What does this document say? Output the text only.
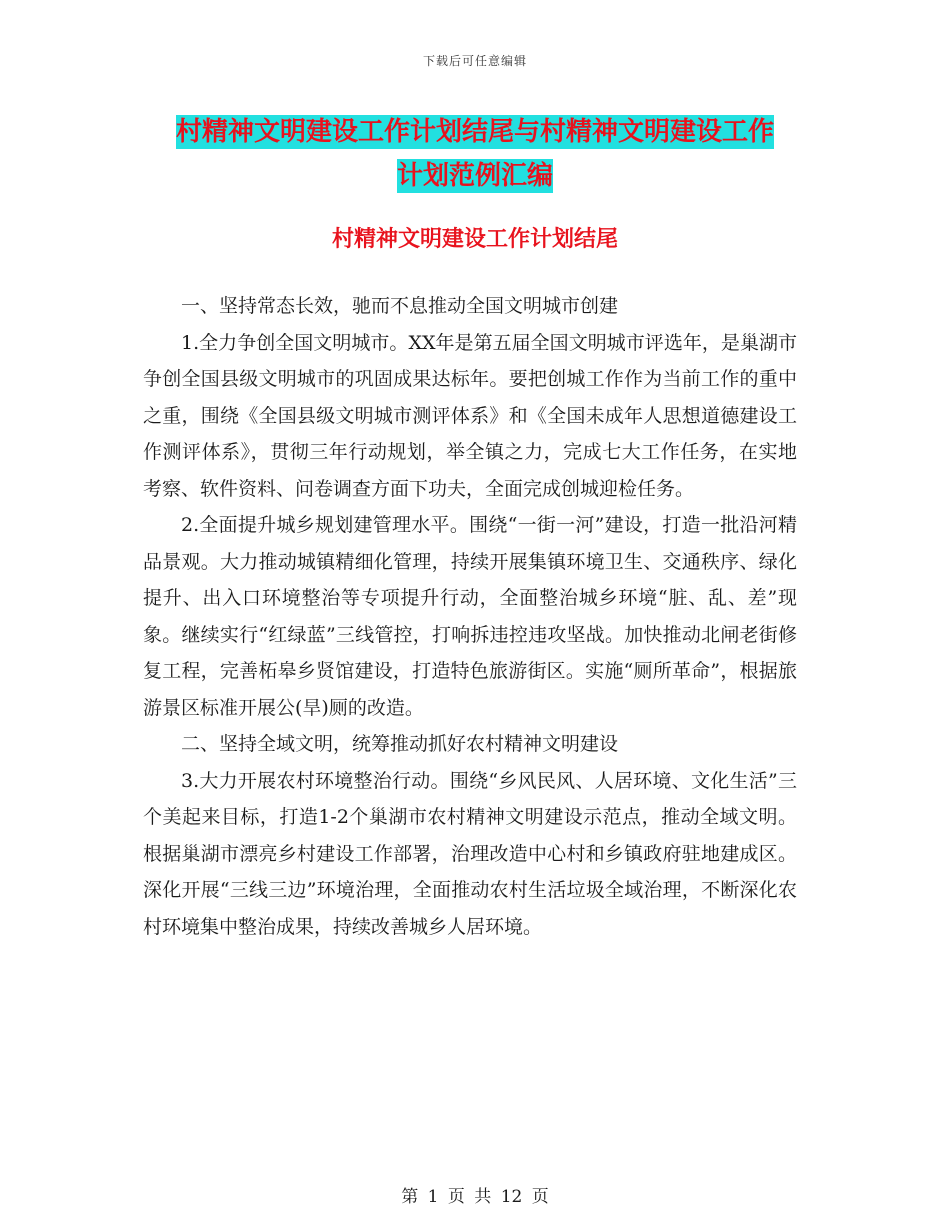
下载后可任意编辑
村精神文明建设工作计划结尾与村精神文明建设工作
计划范例汇编
村精神文明建设工作计划结尾

一、坚持常态长效，驰而不息推动全国文明城市创建

1.全力争创全国文明城市。XX年是第五届全国文明城市评选年，是巢湖市争创全国县级文明城市的巩固成果达标年。要把创城工作作为当前工作的重中之重，围绕《全国县级文明城市测评体系》和《全国未成年人思想道德建设工作测评体系》，贯彻三年行动规划，举全镇之力，完成七大工作任务，在实地考察、软件资料、问卷调查方面下功夫，全面完成创城迎检任务。

2.全面提升城乡规划建管理水平。围绕“一街一河”建设，打造一批沿河精品景观。大力推动城镇精细化管理，持续开展集镇环境卫生、交通秩序、绿化提升、出入口环境整治等专项提升行动，全面整治城乡环境“脏、乱、差”现象。继续实行“红绿蓝”三线管控，打响拆违控违攻坚战。加快推动北闸老街修复工程，完善柘皋乡贤馆建设，打造特色旅游街区。实施“厕所革命”，根据旅游景区标准开展公(旱)厕的改造。

二、坚持全域文明，统筹推动抓好农村精神文明建设

3.大力开展农村环境整治行动。围绕“乡风民风、人居环境、文化生活”三个美起来目标，打造1-2个巢湖市农村精神文明建设示范点，推动全域文明。根据巢湖市漂亮乡村建设工作部署，治理改造中心村和乡镇政府驻地建成区。深化开展“三线三边”环境治理，全面推动农村生活垃圾全域治理，不断深化农村环境集中整治成果，持续改善城乡人居环境。

第 1 页 共 12 页
